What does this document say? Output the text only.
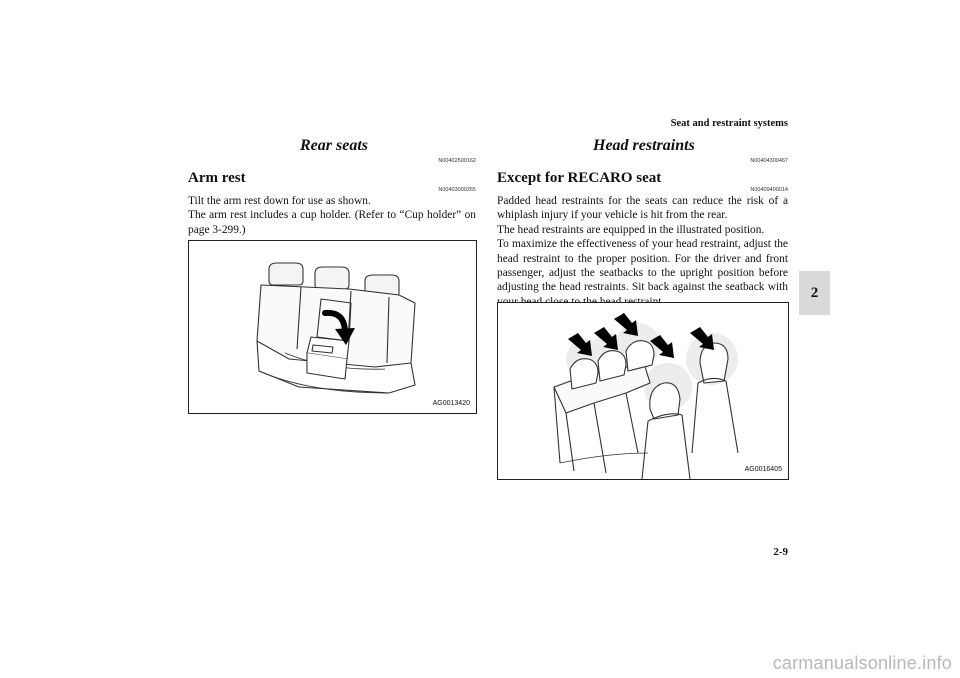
Seat and restraint systems
2
Rear seats
N00402500162
Arm rest
N00403000265
Tilt the arm rest down for use as shown.
The arm rest includes a cup holder. (Refer to “Cup holder” on page 3-299.)
AG0013420
Head restraints
N00404300467
Except for RECARO seat
N00409400014
Padded head restraints for the seats can reduce the risk of a whiplash injury if your vehicle is hit from the rear.
The head restraints are equipped in the illustrated position.
To maximize the effectiveness of your head restraint, adjust the head restraint to the proper position. For the driver and front passenger, adjust the seatbacks to the upright position before adjusting the head restraints. Sit back against the seatback with
AG0016405
2-9
carmanualsonline.info
